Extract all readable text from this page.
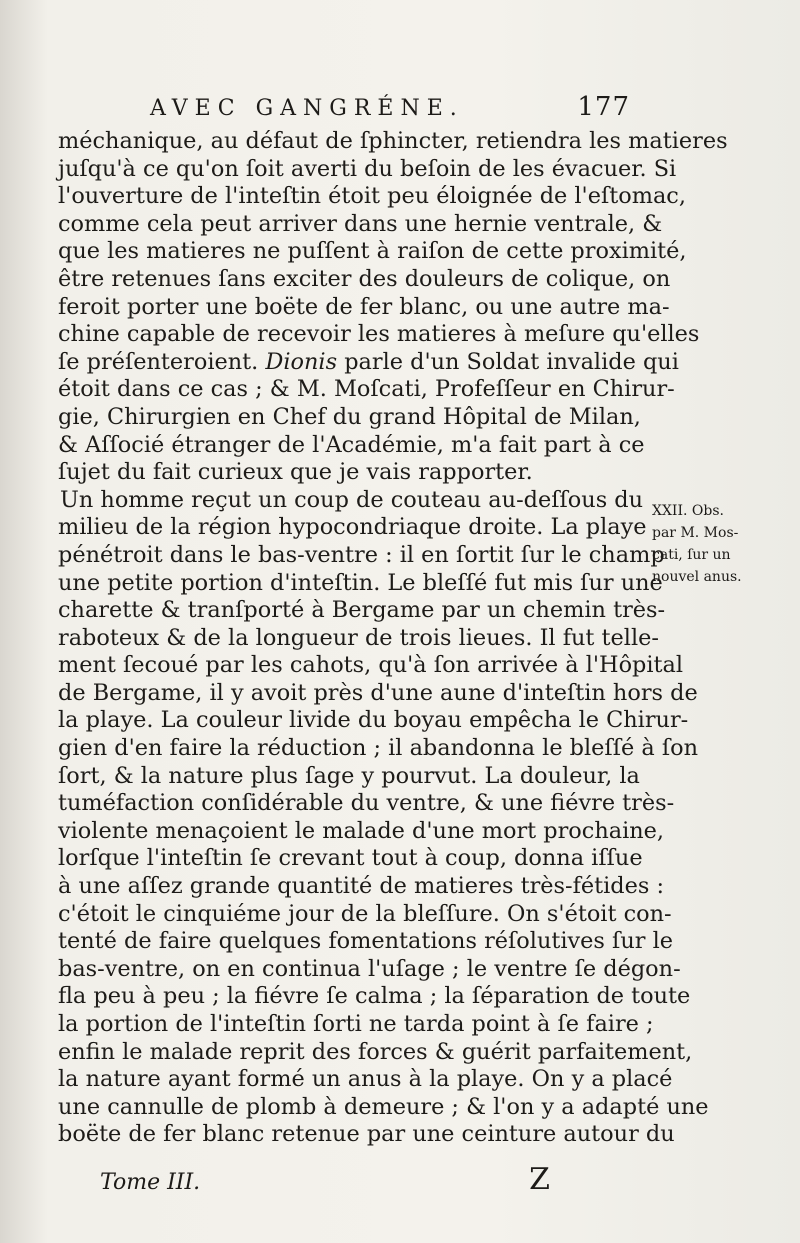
AVEC GANGRÉNE.	177
méchanique, au défaut de ſphincter, retiendra les matieres
juſqu'à ce qu'on ſoit averti du beſoin de les évacuer. Si
l'ouverture de l'inteſtin étoit peu éloignée de l'eſtomac,
comme cela peut arriver dans une hernie ventrale, &
que les matieres ne puſſent à raiſon de cette proximité,
être retenues ſans exciter des douleurs de colique, on
feroit porter une boëte de fer blanc, ou une autre ma-
chine capable de recevoir les matieres à meſure qu'elles
ſe préſenteroient. Dionis parle d'un Soldat invalide qui
étoit dans ce cas ; & M. Moſcati, Profeſſeur en Chirur-
gie, Chirurgien en Chef du grand Hôpital de Milan,
& Aſſocié étranger de l'Académie, m'a fait part à ce
ſujet du fait curieux que je vais rapporter.
Un homme reçut un coup de couteau au-deſſous du
milieu de la région hypocondriaque droite. La playe
pénétroit dans le bas-ventre : il en ſortit ſur le champ
une petite portion d'inteſtin. Le bleſſé fut mis ſur une
charette & tranſporté à Bergame par un chemin très-
raboteux & de la longueur de trois lieues. Il fut telle-
ment ſecoué par les cahots, qu'à ſon arrivée à l'Hôpital
de Bergame, il y avoit près d'une aune d'inteſtin hors de
la playe. La couleur livide du boyau empêcha le Chirur-
gien d'en faire la réduction ; il abandonna le bleſſé à ſon
ſort, & la nature plus ſage y pourvut. La douleur, la
tuméfaction conſidérable du ventre, & une fiévre très-
violente menaçoient le malade d'une mort prochaine,
lorſque l'inteſtin ſe crevant tout à coup, donna iſſue
à une aſſez grande quantité de matieres très-fétides :
c'étoit le cinquiéme jour de la bleſſure. On s'étoit con-
tenté de faire quelques fomentations réſolutives ſur le
bas-ventre, on en continua l'uſage ; le ventre ſe dégon-
fla peu à peu ; la fiévre ſe calma ; la ſéparation de toute
la portion de l'inteſtin ſorti ne tarda point à ſe faire ;
enfin le malade reprit des forces & guérit parfaitement,
la nature ayant formé un anus à la playe. On y a placé
une cannulle de plomb à demeure ; & l'on y a adapté une
boëte de fer blanc retenue par une ceinture autour du
XXII. Obs.
par M. Mos-
cati, ſur un
nouvel anus.
Tome III.	Z
